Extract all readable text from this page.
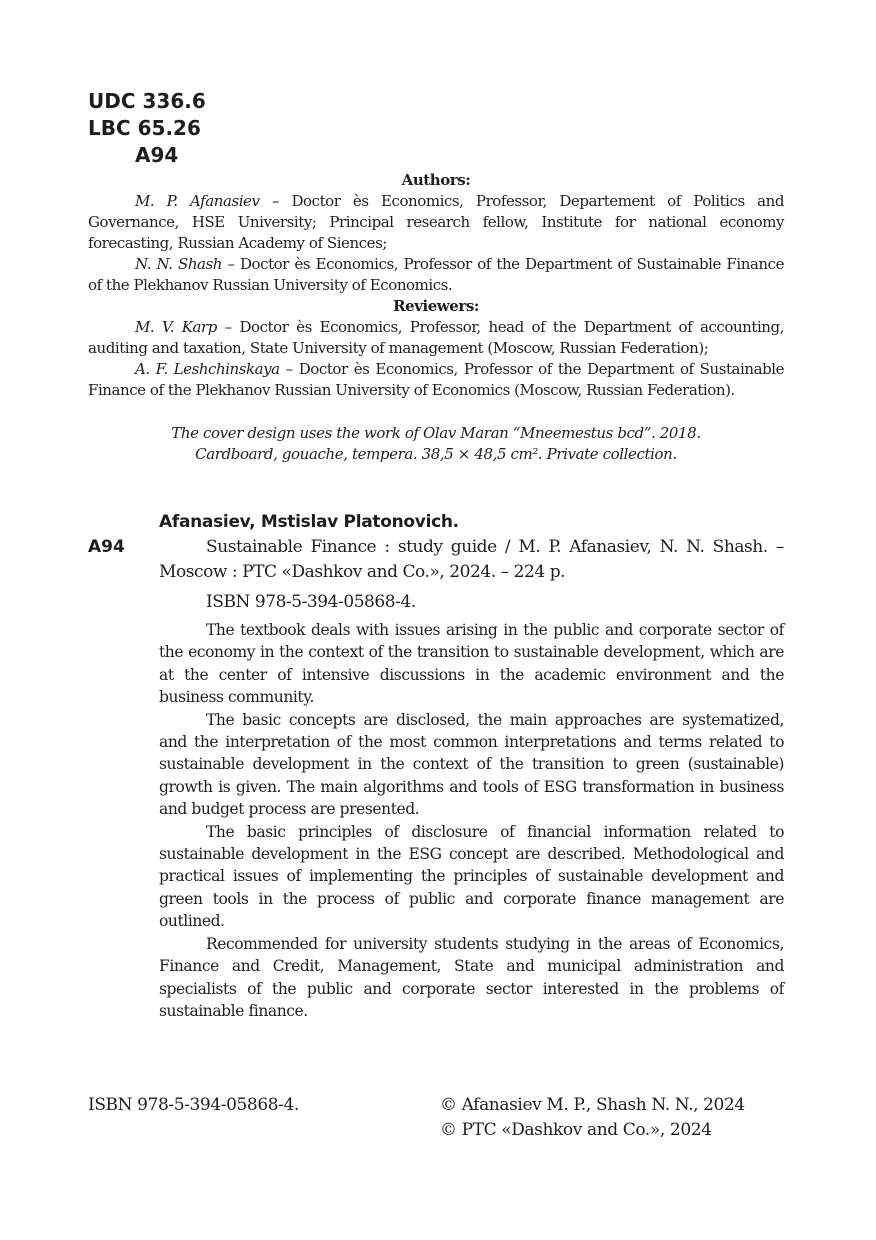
UDC 336.6
LBC 65.26
A94
Authors:

M. P. Afanasiev – Doctor ès Economics, Professor, Departement of Politics and Governance, HSE University; Principal research fellow, Institute for national economy forecasting, Russian Academy of Siences;

N. N. Shash – Doctor ès Economics, Professor of the Department of Sustainable Finance of the Plekhanov Russian University of Economics.

Reviewers:

M. V. Karp – Doctor ès Economics, Professor, head of the Department of accounting, auditing and taxation, State University of management (Moscow, Russian Federation);

A. F. Leshchinskaya – Doctor ès Economics, Professor of the Department of Sustainable Finance of the Plekhanov Russian University of Economics (Moscow, Russian Federation).

The cover design uses the work of Olav Maran “Mneemestus bcd”. 2018.
Cardboard, gouache, tempera. 38,5 × 48,5 cm². Private collection.
A94
Afanasiev, Mstislav Platonovich.

Sustainable Finance : study guide / M. P. Afanasiev, N. N. Shash. – Moscow : PTC «Dashkov and Co.», 2024. – 224 p.

ISBN 978-5-394-05868-4.

The textbook deals with issues arising in the public and corporate sector of the economy in the context of the transition to sustainable development, which are at the center of intensive discussions in the academic environment and the business community.

The basic concepts are disclosed, the main approaches are systematized, and the interpretation of the most common interpretations and terms related to sustainable development in the context of the transition to green (sustainable) growth is given. The main algorithms and tools of ESG transformation in business and budget process are presented.

The basic principles of disclosure of financial information related to sustainable development in the ESG concept are described. Methodological and practical issues of implementing the principles of sustainable development and green tools in the process of public and corporate finance management are outlined.

Recommended for university students studying in the areas of Economics, Finance and Credit, Management, State and municipal administration and specialists of the public and corporate sector interested in the problems of sustainable finance.

ISBN 978-5-394-05868-4.	© Afanasiev M. P., Shash N. N., 2024
© PTC «Dashkov and Co.», 2024
